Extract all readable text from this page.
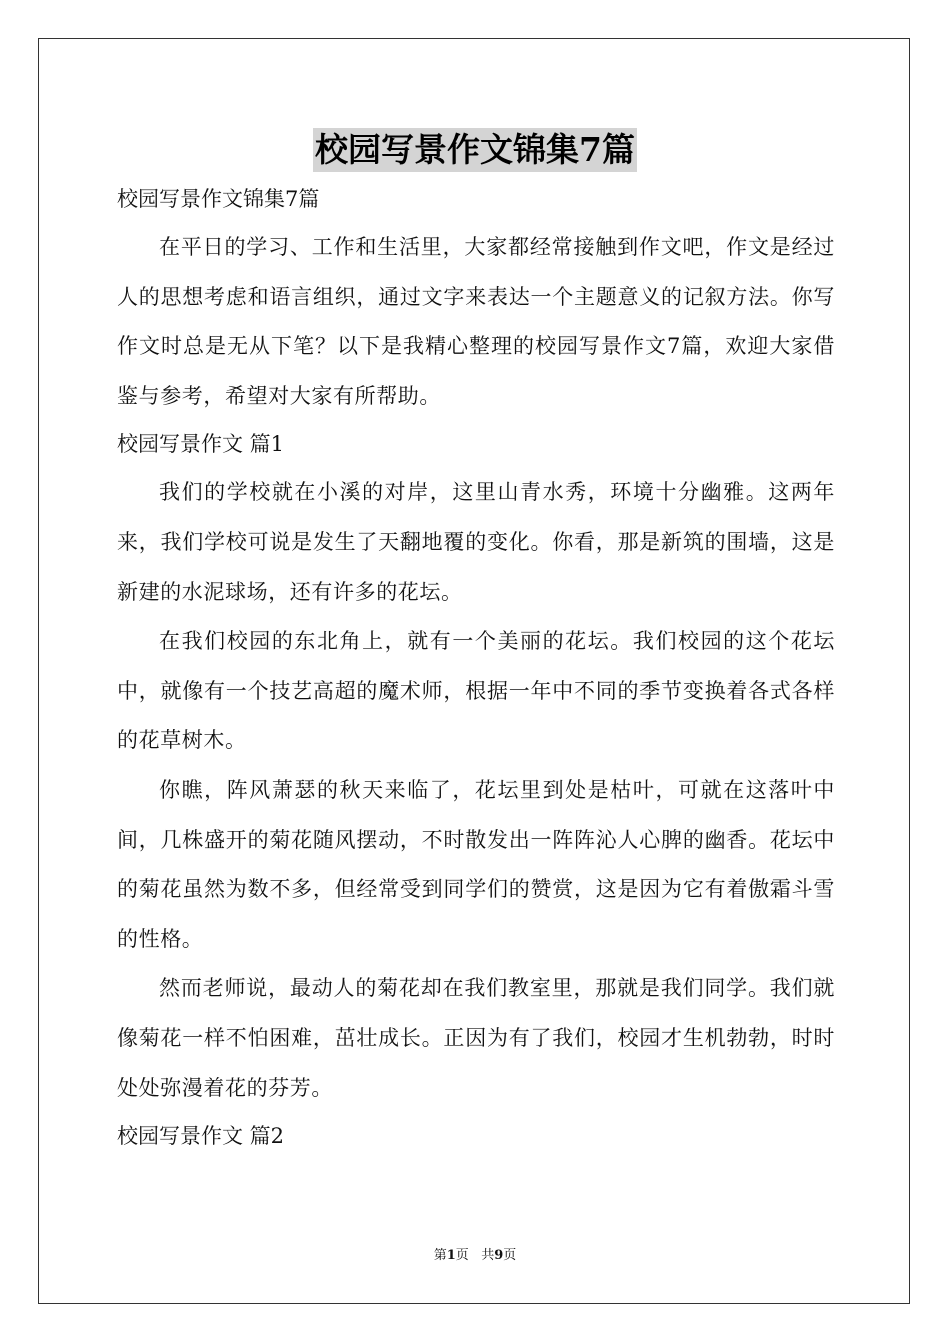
校园写景作文锦集7篇

校园写景作文锦集7篇

在平日的学习、工作和生活里，大家都经常接触到作文吧，作文是经过人的思想考虑和语言组织，通过文字来表达一个主题意义的记叙方法。你写作文时总是无从下笔？以下是我精心整理的校园写景作文7篇，欢迎大家借鉴与参考，希望对大家有所帮助。

校园写景作文 篇1

我们的学校就在小溪的对岸，这里山青水秀，环境十分幽雅。这两年来，我们学校可说是发生了天翻地覆的变化。你看，那是新筑的围墙，这是新建的水泥球场，还有许多的花坛。

在我们校园的东北角上，就有一个美丽的花坛。我们校园的这个花坛中，就像有一个技艺高超的魔术师，根据一年中不同的季节变换着各式各样的花草树木。

你瞧，阵风萧瑟的秋天来临了，花坛里到处是枯叶，可就在这落叶中间，几株盛开的菊花随风摆动，不时散发出一阵阵沁人心脾的幽香。花坛中的菊花虽然为数不多，但经常受到同学们的赞赏，这是因为它有着傲霜斗雪的性格。

然而老师说，最动人的菊花却在我们教室里，那就是我们同学。我们就像菊花一样不怕困难，茁壮成长。正因为有了我们，校园才生机勃勃，时时处处弥漫着花的芬芳。

校园写景作文 篇2

第1页 共9页
